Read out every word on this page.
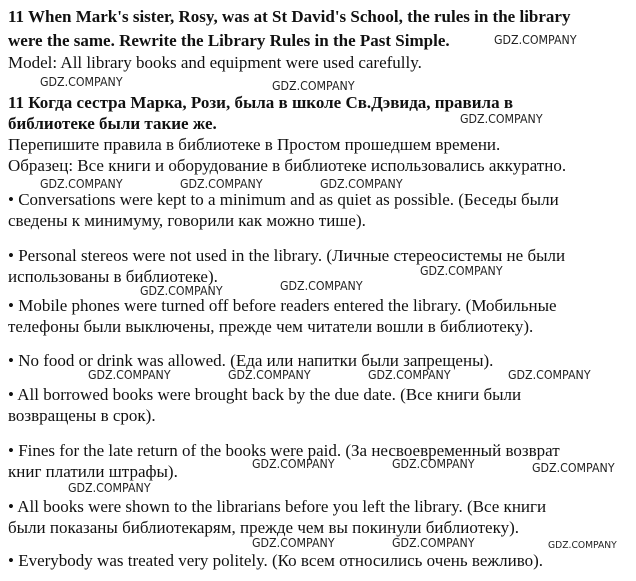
11 When Mark's sister, Rosy, was at St David's School, the rules in the library
were the same. Rewrite the Library Rules in the Past Simple.
Model: All library books and equipment were used carefully.
11 Когда сестра Марка, Рози, была в школе Св.Дэвида, правила в
библиотеке были такие же.
Перепишите правила в библиотеке в Простом прошедшем времени.
Образец: Все книги и оборудование в библиотеке использовались аккуратно.
• Conversations were kept to a minimum and as quiet as possible. (Беседы были
сведены к минимуму, говорили как можно тише).
• Personal stereos were not used in the library. (Личные стереосистемы не были
использованы в библиотеке).
• Mobile phones were turned off before readers entered the library. (Мобильные
телефоны были выключены, прежде чем читатели вошли в библиотеку).
• No food or drink was allowed. (Еда или напитки были запрещены).
• All borrowed books were brought back by the due date. (Все книги были
возвращены в срок).
• Fines for the late return of the books were paid. (За несвоевременный возврат
книг платили штрафы).
• All books were shown to the librarians before you left the library. (Все книги
были показаны библиотекарям, прежде чем вы покинули библиотеку).
• Everybody was treated very politely. (Ко всем относились очень вежливо).
GDZ.COMPANY
GDZ.COMPANY	GDZ.COMPANY
GDZ.COMPANY
GDZ.COMPANY	GDZ.COMPANY	GDZ.COMPANY
GDZ.COMPANY
GDZ.COMPANY
GDZ.COMPANY
GDZ.COMPANY	GDZ.COMPANY	GDZ.COMPANY	GDZ.COMPANY
GDZ.COMPANY	GDZ.COMPANY	GDZ.COMPANY
GDZ.COMPANY
GDZ.COMPANY	GDZ.COMPANY	GDZ.COMPANY
